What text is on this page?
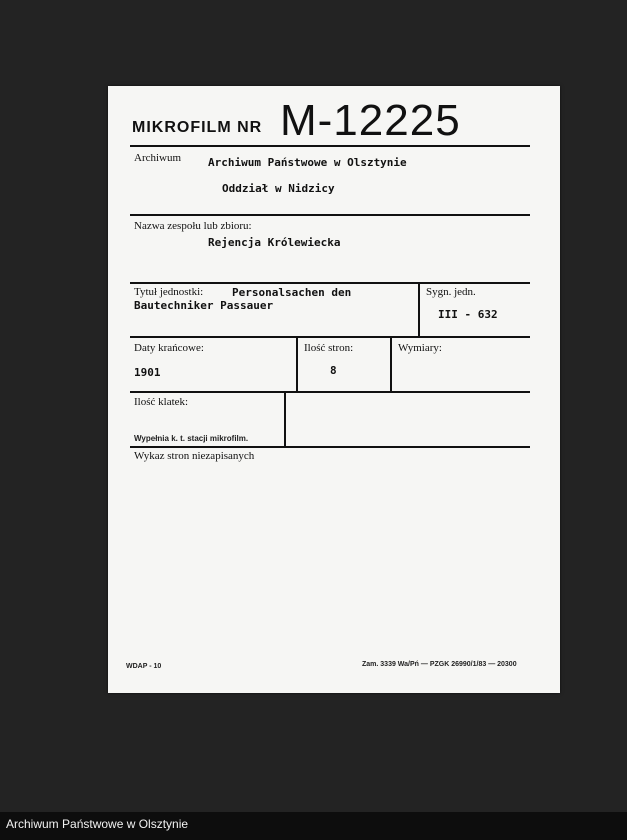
MIKROFILM NR M-12225
Archiwum Archiwum Państwowe w Olsztynie
Oddział w Nidzicy
Nazwa zespołu lub zbioru:
Rejencja Królewiecka
Tytuł jednostki:	Personalsachen den
Bautechniker Passauer
Sygn. jedn.
III - 632
Daty krańcowe:
1901
Ilość stron:
8
Wymiary:
Ilość klatek:
Wypełnia k. t. stacji mikrofilm.
Wykaz stron niezapisanych
WDAP - 10	Zam. 3339 Wa/Pń — PZGK 26990/1/83 — 20300
Archiwum Państwowe w Olsztynie
